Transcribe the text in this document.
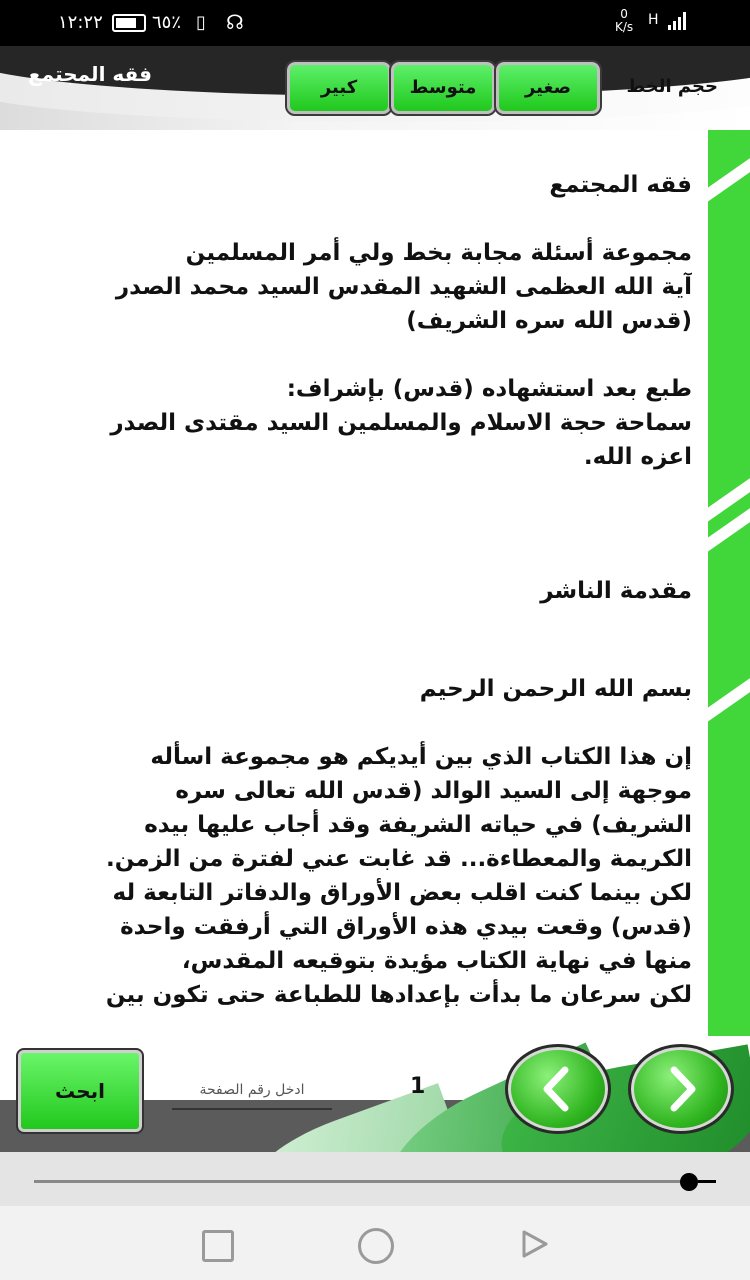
١٢:٢٢	٦٥٪ ▯ ☊	0
K/s H
فقه المجتمع
كبير	متوسط	صغير	حجم الخط

فقه المجتمع

مجموعة أسئلة مجابة بخط ولي أمر المسلمين

آية الله العظمى الشهيد المقدس السيد محمد الصدر

(قدس الله سره الشريف)

طبع بعد استشهاده (قدس) بإشراف:

سماحة حجة الاسلام والمسلمين السيد مقتدى الصدر

اعزه الله.

مقدمة الناشر

بسم الله الرحمن الرحيم

إن هذا الكتاب الذي بين أيديكم هو مجموعة اسأله

موجهة إلى السيد الوالد (قدس الله تعالى سره

الشريف) في حياته الشريفة وقد أجاب عليها بيده

الكريمة والمعطاءة... قد غابت عني لفترة من الزمن.

لكن بينما كنت اقلب بعض الأوراق والدفاتر التابعة له

(قدس) وقعت بيدي هذه الأوراق التي أرفقت واحدة

منها في نهاية الكتاب مؤيدة بتوقيعه المقدس،

لكن سرعان ما بدأت بإعدادها للطباعة حتى تكون بين

ابحث
ادخل رقم الصفحة	1
